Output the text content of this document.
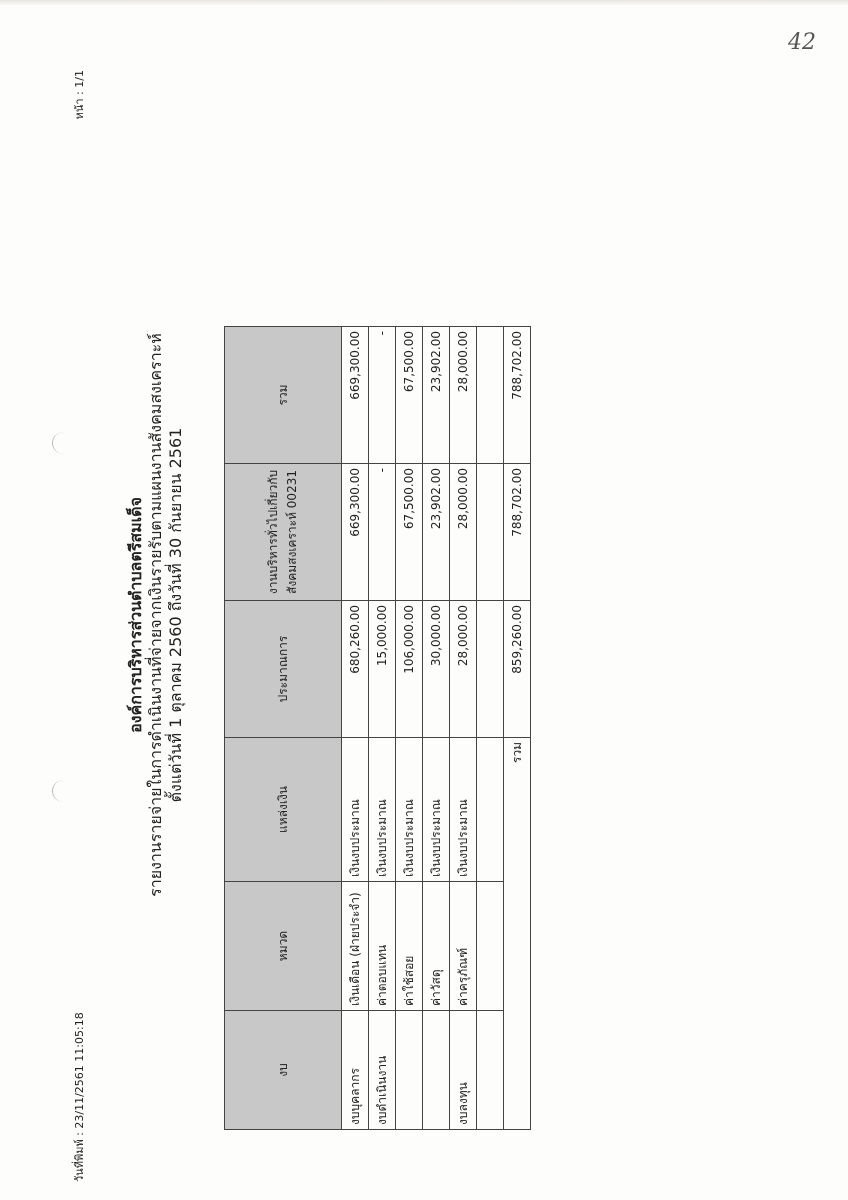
42
วันที่พิมพ์ : 23/11/2561 11:05:18
หน้า : 1/1
องค์การบริหารส่วนตำบลตรีสมเด็จ รายงานรายจ่ายในการดำเนินงานที่จ่ายจากเงินรายรับตามแผนงานสังคมสงเคราะห์ ตั้งแต่วันที่ 1 ตุลาคม 2560 ถึงวันที่ 30 กันยายน 2561
งบ	หมวด	แหล่งเงิน	ประมาณการ	งานบริหารทั่วไปเกี่ยวกับสังคมสงเคราะห์ 00231	รวม
งบบุคลากร	เงินเดือน (ฝ่ายประจำ)	เงินงบประมาณ	680,260.00	669,300.00	669,300.00
งบดำเนินงาน	ค่าตอบแทน	เงินงบประมาณ	15,000.00	-	-
	ค่าใช้สอย	เงินงบประมาณ	106,000.00	67,500.00	67,500.00
	ค่าวัสดุ	เงินงบประมาณ	30,000.00	23,902.00	23,902.00
งบลงทุน	ค่าครุภัณฑ์	เงินงบประมาณ	28,000.00	28,000.00	28,000.00

		รวม	859,260.00	788,702.00	788,702.00
